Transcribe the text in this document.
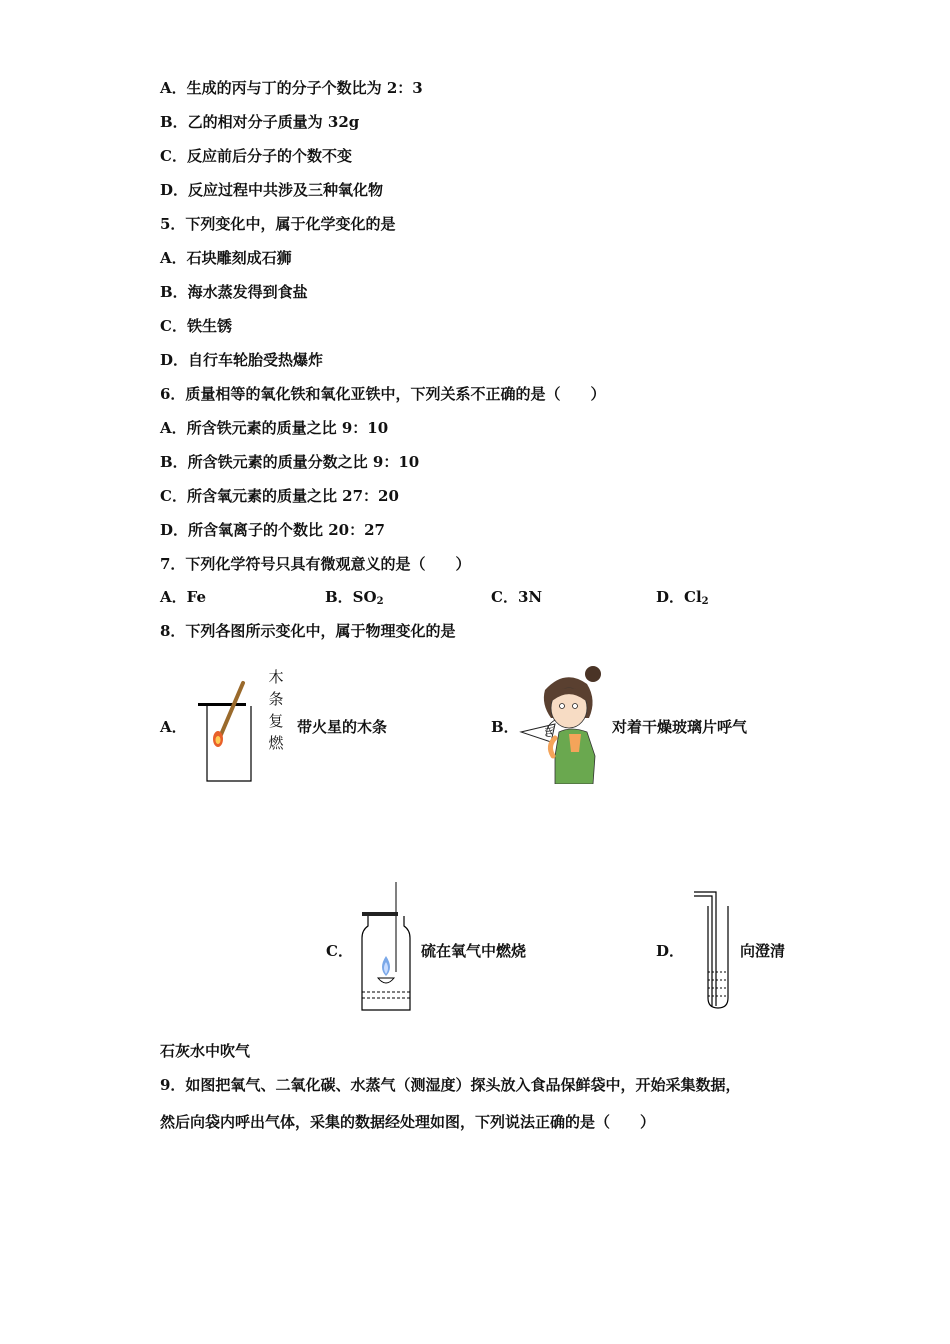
A．生成的丙与丁的分子个数比为 2：3
B．乙的相对分子质量为 32g
C．反应前后分子的个数不变
D．反应过程中共涉及三种氧化物
5．下列变化中，属于化学变化的是
A．石块雕刻成石狮
B．海水蒸发得到食盐
C．铁生锈
D．自行车轮胎受热爆炸
6．质量相等的氧化铁和氧化亚铁中，下列关系不正确的是（　　）
A．所含铁元素的质量之比 9：10
B．所含铁元素的质量分数之比 9：10
C．所含氧元素的质量之比 27：20
D．所含氧离子的个数比 20：27
7．下列化学符号只具有微观意义的是（　　）
A．Fe	B．$SO_2$	C．3N	D．$Cl_2$
8．下列各图所示变化中，属于物理变化的是
A．
木
条
复
燃
带火星的木条	B． ぎ	对着干燥玻璃片呼气
C．	硫在氧气中燃烧	D．	向澄清
石灰水中吹气
9．如图把氧气、二氧化碳、水蒸气（测湿度）探头放入食品保鲜袋中，开始采集数据，
然后向袋内呼出气体，采集的数据经处理如图，下列说法正确的是（　　）
